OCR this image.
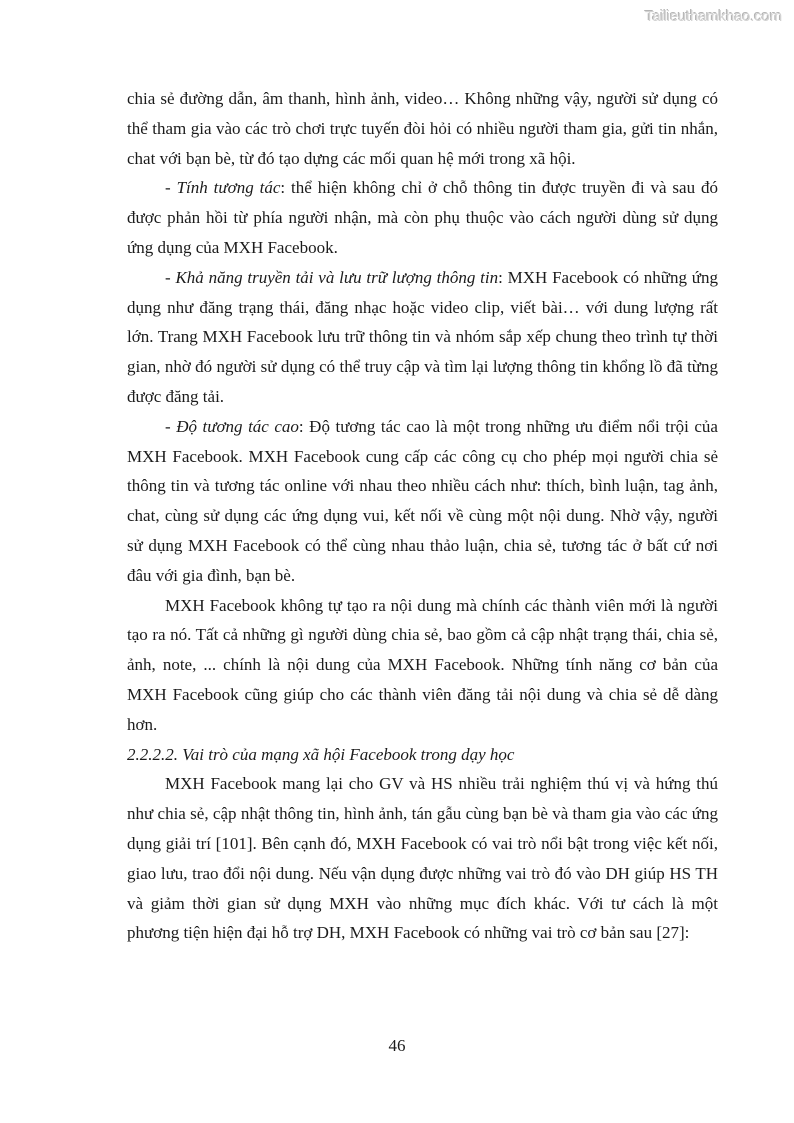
Tailieuthamkhao.com

chia sẻ đường dẫn, âm thanh, hình ảnh, video… Không những vậy, người sử dụng có thể tham gia vào các trò chơi trực tuyến đòi hỏi có nhiều người tham gia, gửi tin nhắn, chat với bạn bè, từ đó tạo dựng các mối quan hệ mới trong xã hội.

- Tính tương tác: thể hiện không chỉ ở chỗ thông tin được truyền đi và sau đó được phản hồi từ phía người nhận, mà còn phụ thuộc vào cách người dùng sử dụng ứng dụng của MXH Facebook.

- Khả năng truyền tải và lưu trữ lượng thông tin: MXH Facebook có những ứng dụng như đăng trạng thái, đăng nhạc hoặc video clip, viết bài… với dung lượng rất lớn. Trang MXH Facebook lưu trữ thông tin và nhóm sắp xếp chung theo trình tự thời gian, nhờ đó người sử dụng có thể truy cập và tìm lại lượng thông tin khổng lồ đã từng được đăng tải.

- Độ tương tác cao: Độ tương tác cao là một trong những ưu điểm nổi trội của MXH Facebook. MXH Facebook cung cấp các công cụ cho phép mọi người chia sẻ thông tin và tương tác online với nhau theo nhiều cách như: thích, bình luận, tag ảnh, chat, cùng sử dụng các ứng dụng vui, kết nối về cùng một nội dung. Nhờ vậy, người sử dụng MXH Facebook có thể cùng nhau thảo luận, chia sẻ, tương tác ở bất cứ nơi đâu với gia đình, bạn bè.

MXH Facebook không tự tạo ra nội dung mà chính các thành viên mới là người tạo ra nó. Tất cả những gì người dùng chia sẻ, bao gồm cả cập nhật trạng thái, chia sẻ, ảnh, note, ... chính là nội dung của MXH Facebook. Những tính năng cơ bản của MXH Facebook cũng giúp cho các thành viên đăng tải nội dung và chia sẻ dễ dàng hơn.

2.2.2.2. Vai trò của mạng xã hội Facebook trong dạy học

MXH Facebook mang lại cho GV và HS nhiều trải nghiệm thú vị và hứng thú như chia sẻ, cập nhật thông tin, hình ảnh, tán gẫu cùng bạn bè và tham gia vào các ứng dụng giải trí [101]. Bên cạnh đó, MXH Facebook có vai trò nổi bật trong việc kết nối, giao lưu, trao đổi nội dung. Nếu vận dụng được những vai trò đó vào DH giúp HS TH và giảm thời gian sử dụng MXH vào những mục đích khác. Với tư cách là một phương tiện hiện đại hỗ trợ DH, MXH Facebook có những vai trò cơ bản sau [27]:

46
